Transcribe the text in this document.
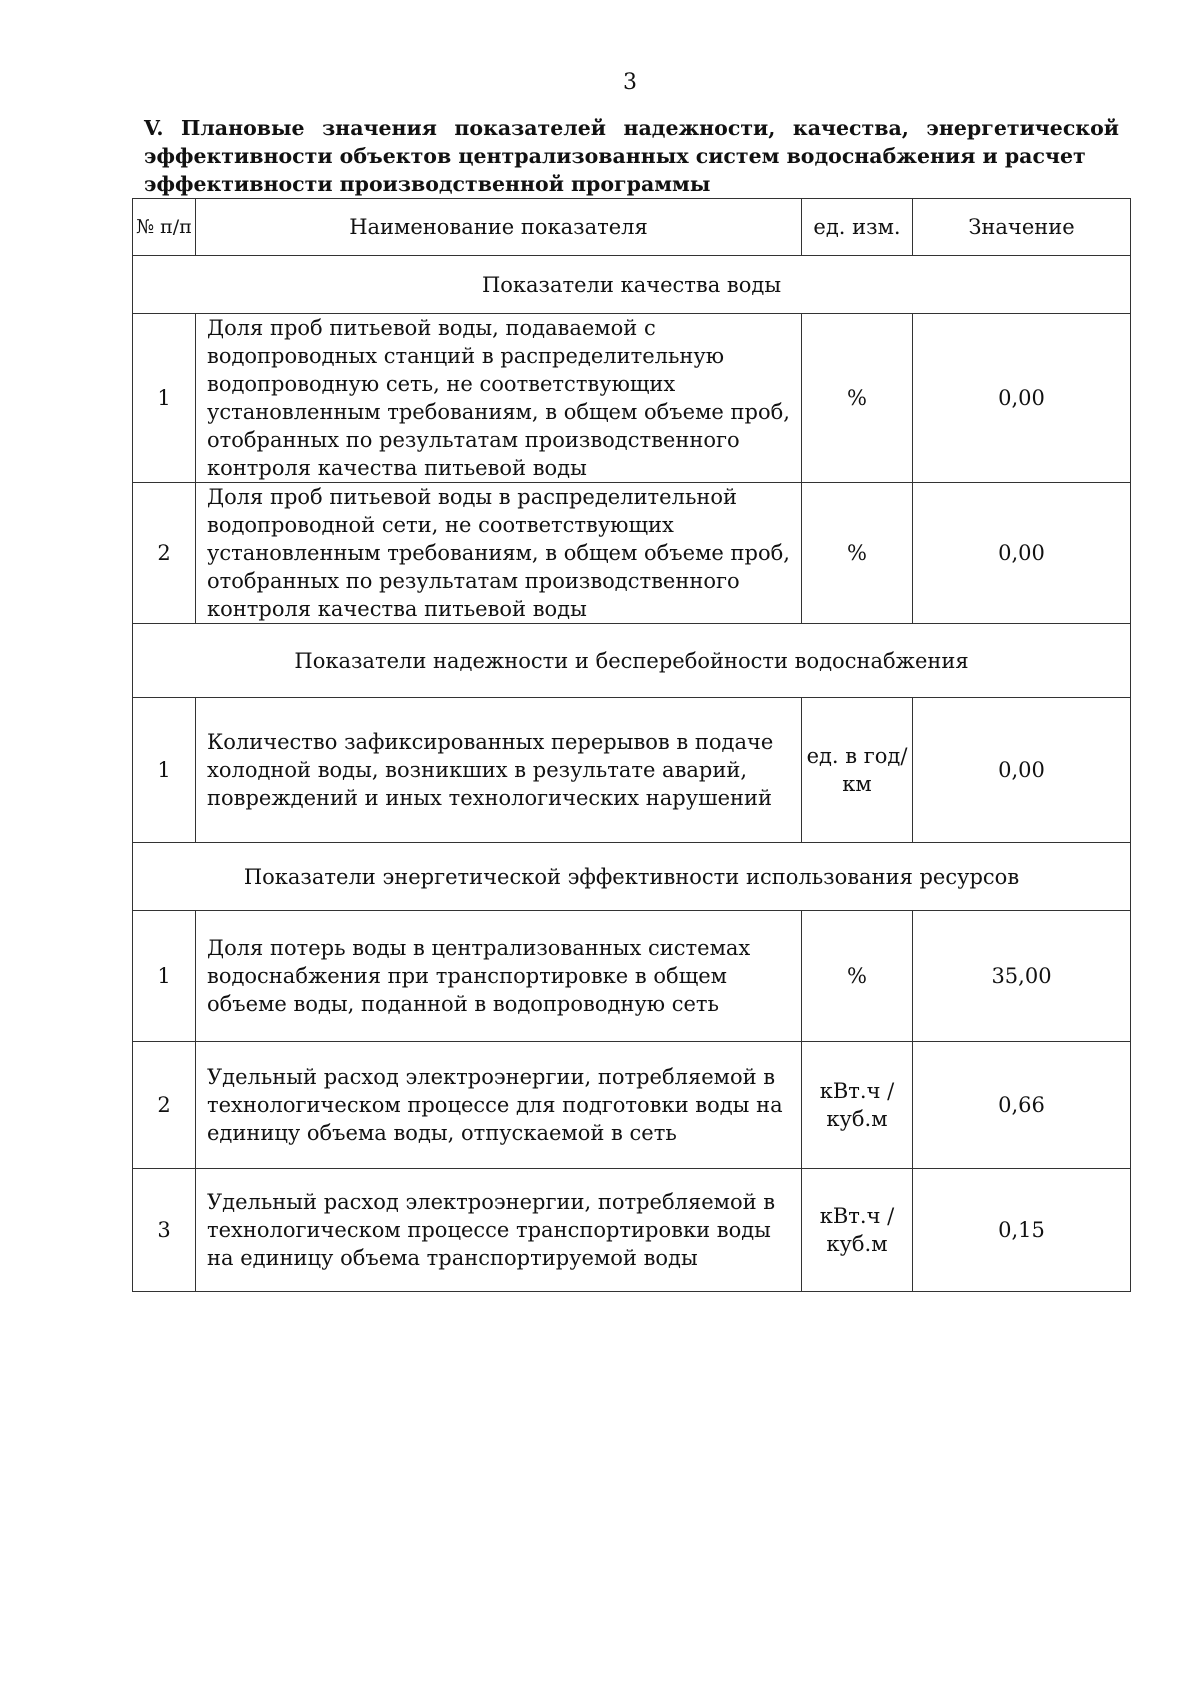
3
V. Плановые значения показателей надежности, качества, энергетической эффективности объектов централизованных систем водоснабжения и расчет
эффективности производственной программы
№ п/п	Наименование показателя	ед. изм.	Значение
Показатели качества воды			
1	Доля проб питьевой воды, подаваемой с водопроводных станций в распределительную водопроводную сеть, не соответствующих установленным требованиям, в общем объеме проб, отобранных по результатам производственного контроля качества питьевой воды	%	0,00
2	Доля проб питьевой воды в распределительной водопроводной сети, не соответствующих установленным требованиям, в общем объеме проб, отобранных по результатам производственного контроля качества питьевой воды	%	0,00
Показатели надежности и бесперебойности водоснабжения			
1	Количество зафиксированных перерывов в подаче холодной воды, возникших в результате аварий, повреждений и иных технологических нарушений	ед. в год/ км	0,00
Показатели энергетической эффективности использования ресурсов			
1	Доля потерь воды в централизованных системах водоснабжения при транспортировке в общем объеме воды, поданной в водопроводную сеть	%	35,00
2	Удельный расход электроэнергии, потребляемой в технологическом процессе для подготовки воды на единицу объема воды, отпускаемой в сеть	кВт.ч / куб.м	0,66
3	Удельный расход электроэнергии, потребляемой в технологическом процессе транспортировки воды на единицу объема транспортируемой воды	кВт.ч / куб.м	0,15
